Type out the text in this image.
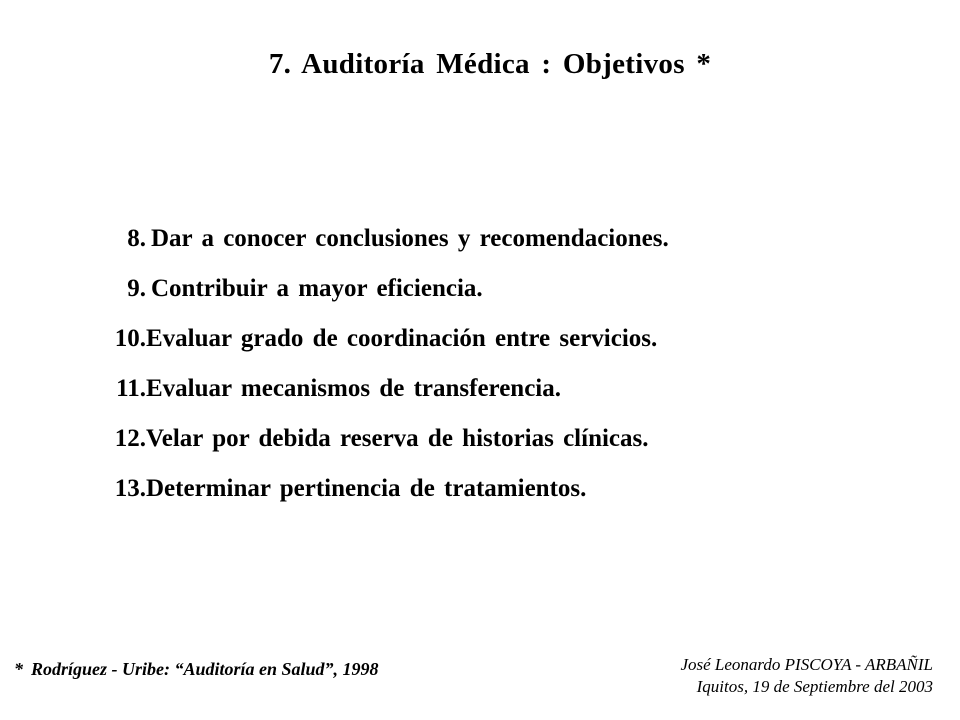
7. Auditoría Médica : Objetivos *
8. Dar a conocer conclusiones y recomendaciones.
9. Contribuir a mayor eficiencia.
10.Evaluar grado de coordinación entre servicios.
11.Evaluar mecanismos de transferencia.
12.Velar por debida reserva de historias clínicas.
13.Determinar pertinencia de tratamientos.
* Rodríguez - Uribe: “Auditoría en Salud”, 1998	José Leonardo PISCOYA - ARBAÑIL
Iquitos, 19 de Septiembre del 2003
